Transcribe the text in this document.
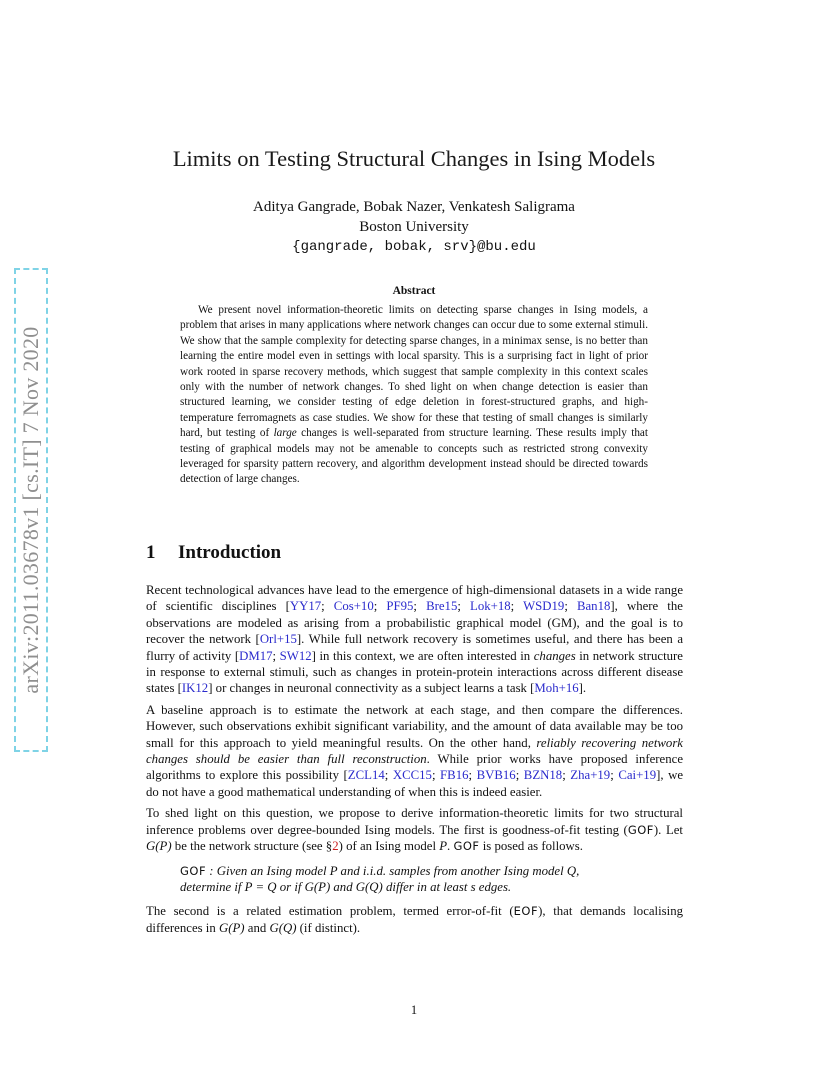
arXiv:2011.03678v1 [cs.IT] 7 Nov 2020
Limits on Testing Structural Changes in Ising Models
Aditya Gangrade, Bobak Nazer, Venkatesh Saligrama
Boston University
{gangrade, bobak, srv}@bu.edu
Abstract

We present novel information-theoretic limits on detecting sparse changes in Ising models, a problem that arises in many applications where network changes can occur due to some external stimuli. We show that the sample complexity for detecting sparse changes, in a minimax sense, is no better than learning the entire model even in settings with local sparsity. This is a surprising fact in light of prior work rooted in sparse recovery methods, which suggest that sample complexity in this context scales only with the number of network changes. To shed light on when change detection is easier than structured learning, we consider testing of edge deletion in forest-structured graphs, and high-temperature ferromagnets as case studies. We show for these that testing of small changes is similarly hard, but testing of large changes is well-separated from structure learning. These results imply that testing of graphical models may not be amenable to concepts such as restricted strong convexity leveraged for sparsity pattern recovery, and algorithm development instead should be directed towards detection of large changes.

1 Introduction

Recent technological advances have lead to the emergence of high-dimensional datasets in a wide range of scientific disciplines [YY17; Cos+10; PF95; Bre15; Lok+18; WSD19; Ban18], where the observations are modeled as arising from a probabilistic graphical model (GM), and the goal is to recover the network [Orl+15]. While full network recovery is sometimes useful, and there has been a flurry of activity [DM17; SW12] in this context, we are often interested in changes in network structure in response to external stimuli, such as changes in protein-protein interactions across different disease states [IK12] or changes in neuronal connectivity as a subject learns a task [Moh+16].

A baseline approach is to estimate the network at each stage, and then compare the differences. However, such observations exhibit significant variability, and the amount of data available may be too small for this approach to yield meaningful results. On the other hand, reliably recovering network changes should be easier than full reconstruction. While prior works have proposed inference algorithms to explore this possibility [ZCL14; XCC15; FB16; BVB16; BZN18; Zha+19; Cai+19], we do not have a good mathematical understanding of when this is indeed easier.

To shed light on this question, we propose to derive information-theoretic limits for two structural inference problems over degree-bounded Ising models. The first is goodness-of-fit testing (GOF). Let G(P) be the network structure (see §2) of an Ising model P. GOF is posed as follows.

GOF : Given an Ising model P and i.i.d. samples from another Ising model Q,
determine if P = Q or if G(P) and G(Q) differ in at least s edges.

The second is a related estimation problem, termed error-of-fit (EOF), that demands localising differences in G(P) and G(Q) (if distinct).

1
